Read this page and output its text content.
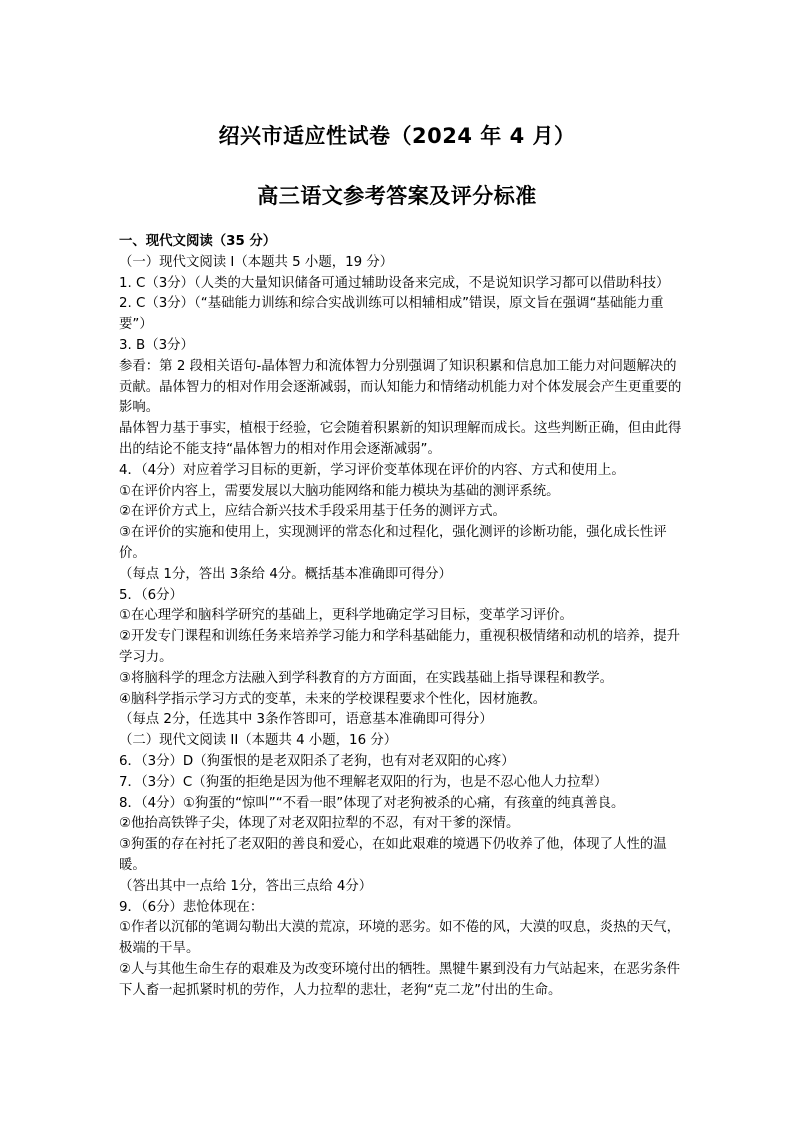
绍兴市适应性试卷（2024 年 4 月）
高三语文参考答案及评分标准

一、现代文阅读（35 分）

（一）现代文阅读 I（本题共 5 小题，19 分）

1. C（3分）（人类的大量知识储备可通过辅助设备来完成，不是说知识学习都可以借助科技）

2. C（3分）（“基础能力训练和综合实战训练可以相辅相成”错误，原文旨在强调“基础能力重要”）

3. B（3分）

参看：第 2 段相关语句-晶体智力和流体智力分别强调了知识积累和信息加工能力对问题解决的贡献。晶体智力的相对作用会逐渐减弱，而认知能力和情绪动机能力对个体发展会产生更重要的影响。

晶体智力基于事实，植根于经验，它会随着积累新的知识理解而成长。这些判断正确，但由此得出的结论不能支持“晶体智力的相对作用会逐渐减弱”。

4．（4分）对应着学习目标的更新，学习评价变革体现在评价的内容、方式和使用上。

①在评价内容上，需要发展以大脑功能网络和能力模块为基础的测评系统。

②在评价方式上，应结合新兴技术手段采用基于任务的测评方式。

③在评价的实施和使用上，实现测评的常态化和过程化，强化测评的诊断功能，强化成长性评价。

（每点 1分，答出 3条给 4分。概括基本准确即可得分）

5．（6分）

①在心理学和脑科学研究的基础上，更科学地确定学习目标，变革学习评价。

②开发专门课程和训练任务来培养学习能力和学科基础能力，重视积极情绪和动机的培养，提升学习力。

③将脑科学的理念方法融入到学科教育的方方面面，在实践基础上指导课程和教学。

④脑科学指示学习方式的变革，未来的学校课程要求个性化，因材施教。

（每点 2分，任选其中 3条作答即可，语意基本准确即可得分）

（二）现代文阅读 II（本题共 4 小题，16 分）

6．（3分）D（狗蛋恨的是老双阳杀了老狗，也有对老双阳的心疼）

7．（3分）C（狗蛋的拒绝是因为他不理解老双阳的行为，也是不忍心他人力拉犁）

8．（4分）①狗蛋的“惊叫”“不看一眼”体现了对老狗被杀的心痛，有孩童的纯真善良。

②他抬高铁铧子尖，体现了对老双阳拉犁的不忍，有对干爹的深情。

③狗蛋的存在衬托了老双阳的善良和爱心，在如此艰难的境遇下仍收养了他，体现了人性的温暖。

（答出其中一点给 1分，答出三点给 4分）

9．（6分）悲怆体现在：

①作者以沉郁的笔调勾勒出大漠的荒凉，环境的恶劣。如不倦的风，大漠的叹息，炎热的天气，极端的干旱。

②人与其他生命生存的艰难及为改变环境付出的牺牲。黑犍牛累到没有力气站起来，在恶劣条件下人畜一起抓紧时机的劳作，人力拉犁的悲壮，老狗“克二龙”付出的生命。
